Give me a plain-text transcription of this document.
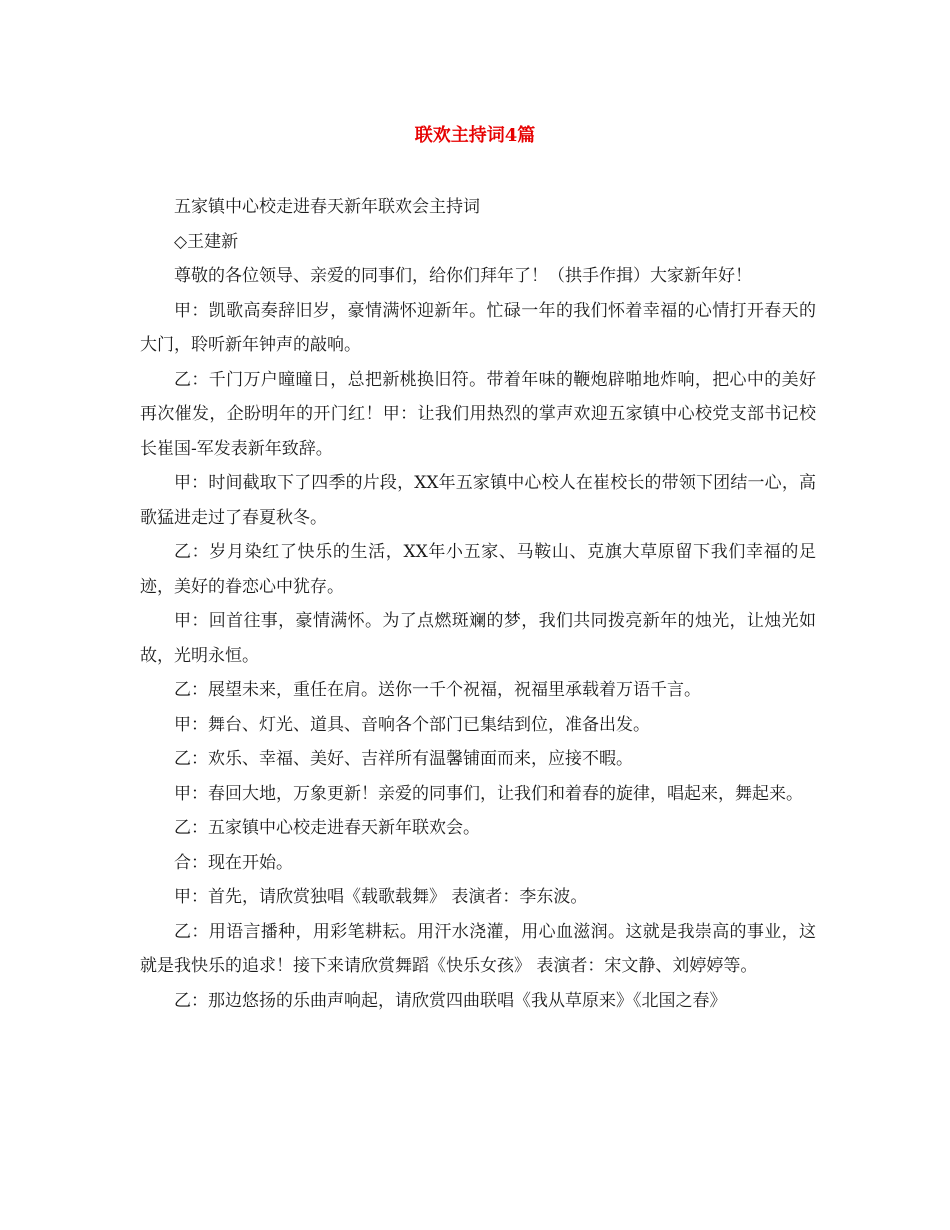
联欢主持词4篇

五家镇中心校走进春天新年联欢会主持词

◇王建新

尊敬的各位领导、亲爱的同事们，给你们拜年了！（拱手作揖）大家新年好！

甲：凯歌高奏辞旧岁，豪情满怀迎新年。忙碌一年的我们怀着幸福的心情打开春天的大门，聆听新年钟声的敲响。

乙：千门万户曈曈日，总把新桃换旧符。带着年味的鞭炮辟啪地炸响，把心中的美好再次催发，企盼明年的开门红！甲：让我们用热烈的掌声欢迎五家镇中心校党支部书记校长崔国-军发表新年致辞。

甲：时间截取下了四季的片段，XX年五家镇中心校人在崔校长的带领下团结一心，高歌猛进走过了春夏秋冬。

乙：岁月染红了快乐的生活，XX年小五家、马鞍山、克旗大草原留下我们幸福的足迹，美好的眷恋心中犹存。

甲：回首往事，豪情满怀。为了点燃斑斓的梦，我们共同拨亮新年的烛光，让烛光如故，光明永恒。

乙：展望未来，重任在肩。送你一千个祝福，祝福里承载着万语千言。

甲：舞台、灯光、道具、音响各个部门已集结到位，准备出发。

乙：欢乐、幸福、美好、吉祥所有温馨铺面而来，应接不暇。

甲：春回大地，万象更新！亲爱的同事们，让我们和着春的旋律，唱起来，舞起来。

乙：五家镇中心校走进春天新年联欢会。

合：现在开始。

甲：首先，请欣赏独唱《载歌载舞》 表演者：李东波。

乙：用语言播种，用彩笔耕耘。用汗水浇灌，用心血滋润。这就是我崇高的事业，这就是我快乐的追求！接下来请欣赏舞蹈《快乐女孩》 表演者：宋文静、刘婷婷等。

乙：那边悠扬的乐曲声响起，请欣赏四曲联唱《我从草原来》《北国之春》
